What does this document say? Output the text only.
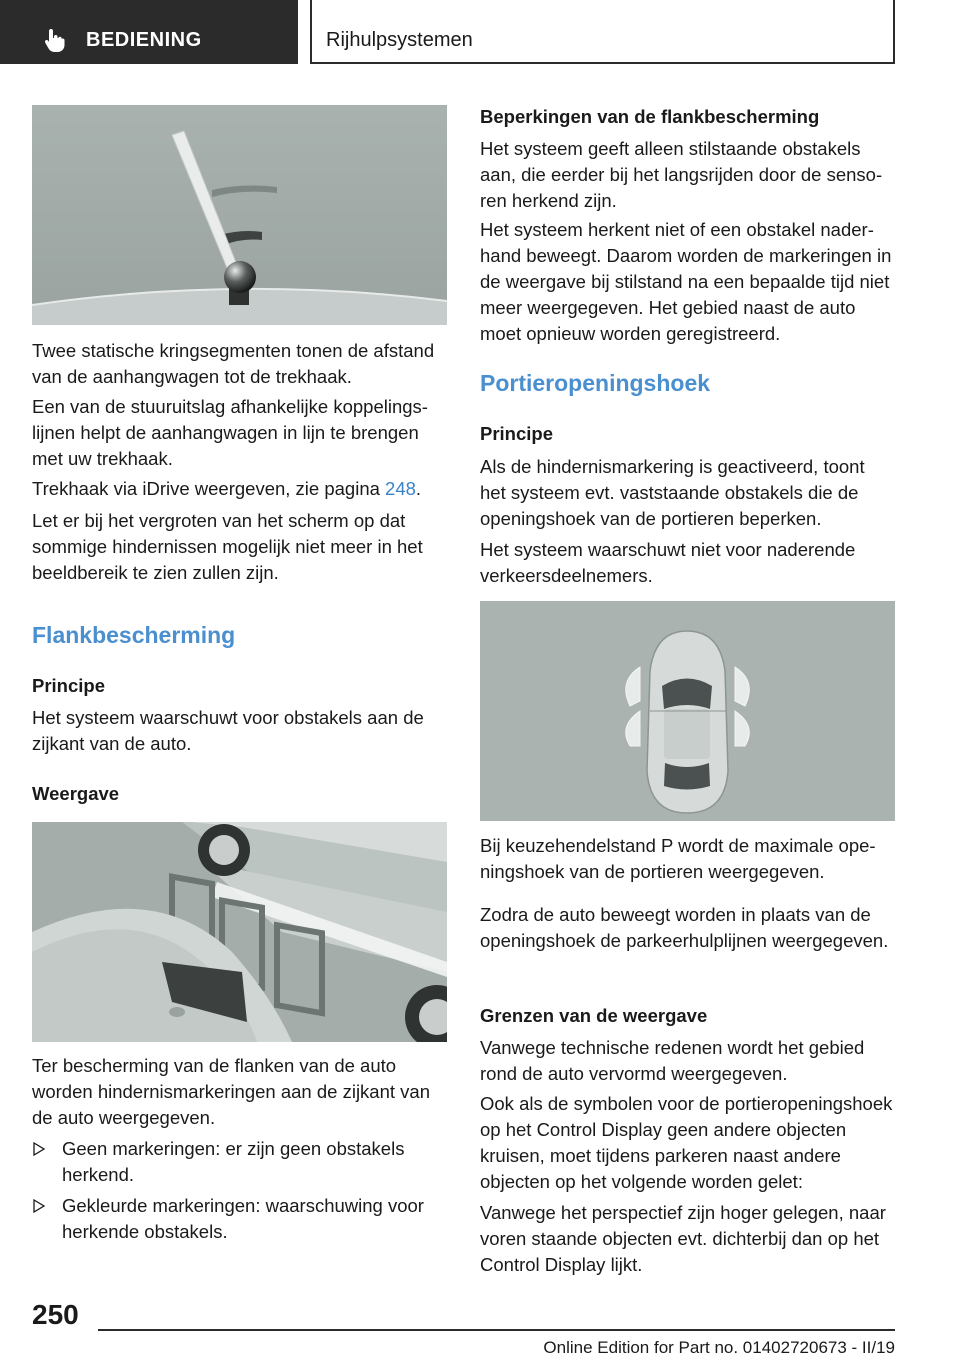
BEDIENING	Rijhulpsystemen
Twee statische kringsegmenten tonen de afstand van de aanhangwagen tot de trekhaak.
Een van de stuuruitslag afhankelijke koppelingslijnen helpt de aanhangwagen in lijn te brengen met uw trekhaak.
Trekhaak via iDrive weergeven, zie pagina 248.
Let er bij het vergroten van het scherm op dat sommige hindernissen mogelijk niet meer in het beeldbereik te zien zullen zijn.
Flankbescherming
Principe
Het systeem waarschuwt voor obstakels aan de zijkant van de auto.
Weergave
Ter bescherming van de flanken van de auto worden hindernismarkeringen aan de zijkant van de auto weergegeven.
Geen markeringen: er zijn geen obstakels herkend.
Gekleurde markeringen: waarschuwing voor herkende obstakels.
Beperkingen van de flankbescherming
Het systeem geeft alleen stilstaande obstakels aan, die eerder bij het langsrijden door de sensoren herkend zijn.
Het systeem herkent niet of een obstakel naderhand beweegt. Daarom worden de markeringen in de weergave bij stilstand na een bepaalde tijd niet meer weergegeven. Het gebied naast de auto moet opnieuw worden geregistreerd.
Portieropeningshoek
Principe
Als de hindernismarkering is geactiveerd, toont het systeem evt. vaststaande obstakels die de openingshoek van de portieren beperken.
Het systeem waarschuwt niet voor naderende verkeersdeelnemers.
Bij keuzehendelstand P wordt de maximale openingshoek van de portieren weergegeven.
Zodra de auto beweegt worden in plaats van de openingshoek de parkeerhulplijnen weergegeven.
Grenzen van de weergave
Vanwege technische redenen wordt het gebied rond de auto vervormd weergegeven.
Ook als de symbolen voor de portieropeningshoek op het Control Display geen andere objecten kruisen, moet tijdens parkeren naast andere objecten op het volgende worden gelet:
Vanwege het perspectief zijn hoger gelegen, naar voren staande objecten evt. dichterbij dan op het Control Display lijkt.
250
Online Edition for Part no. 01402720673 - II/19
